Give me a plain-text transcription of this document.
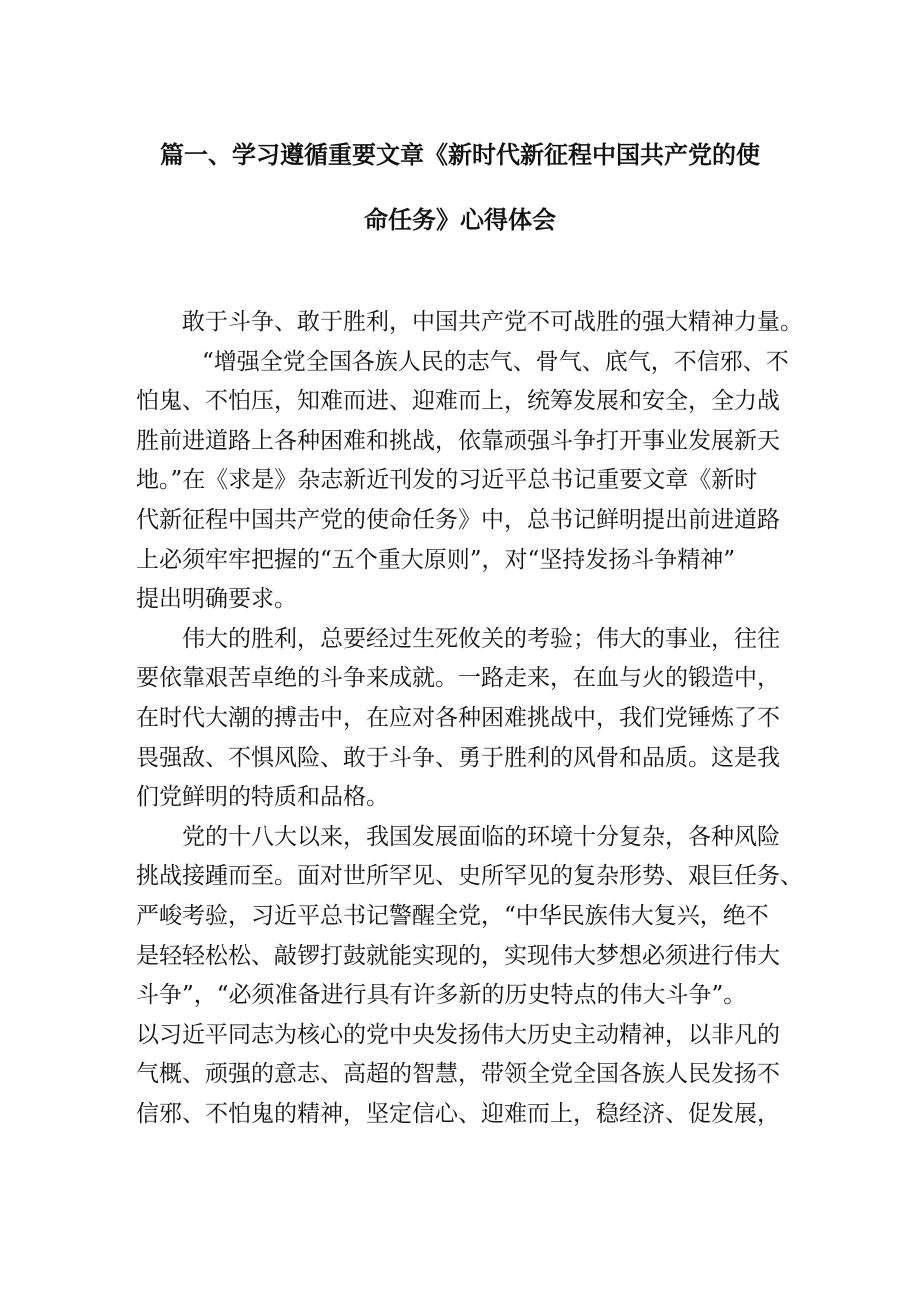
篇一、学习遵循重要文章《新时代新征程中国共产党的使
命任务》心得体会
敢于斗争、敢于胜利，中国共产党不可战胜的强大精神力量。
“增强全党全国各族人民的志气、骨气、底气，不信邪、不
怕鬼、不怕压，知难而进、迎难而上，统筹发展和安全，全力战
胜前进道路上各种困难和挑战，依靠顽强斗争打开事业发展新天
地。”在《求是》杂志新近刊发的习近平总书记重要文章《新时
代新征程中国共产党的使命任务》中，总书记鲜明提出前进道路
上必须牢牢把握的“五个重大原则”，对“坚持发扬斗争精神”
提出明确要求。
伟大的胜利，总要经过生死攸关的考验；伟大的事业，往往
要依靠艰苦卓绝的斗争来成就。一路走来，在血与火的锻造中，
在时代大潮的搏击中，在应对各种困难挑战中，我们党锤炼了不
畏强敌、不惧风险、敢于斗争、勇于胜利的风骨和品质。这是我
们党鲜明的特质和品格。
党的十八大以来，我国发展面临的环境十分复杂，各种风险
挑战接踵而至。面对世所罕见、史所罕见的复杂形势、艰巨任务、
严峻考验，习近平总书记警醒全党，“中华民族伟大复兴，绝不
是轻轻松松、敲锣打鼓就能实现的，实现伟大梦想必须进行伟大
斗争”，“必须准备进行具有许多新的历史特点的伟大斗争”。
以习近平同志为核心的党中央发扬伟大历史主动精神，以非凡的
气概、顽强的意志、高超的智慧，带领全党全国各族人民发扬不
信邪、不怕鬼的精神，坚定信心、迎难而上，稳经济、促发展，
